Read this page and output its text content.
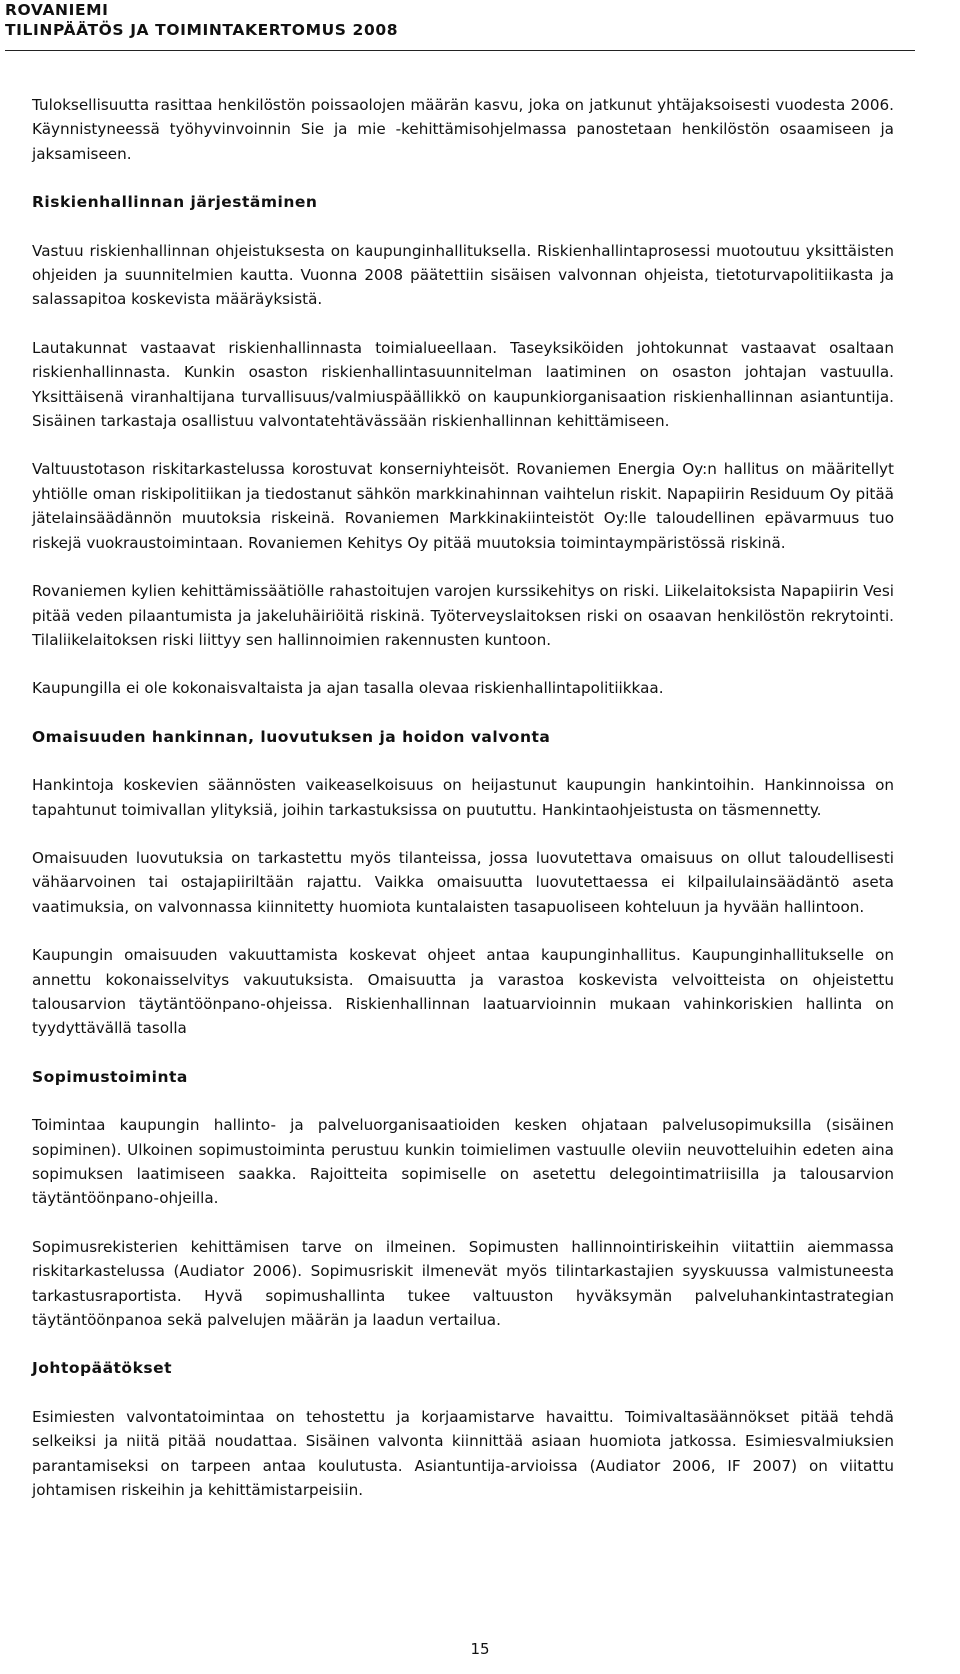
ROVANIEMI
TILINPÄÄTÖS JA TOIMINTAKERTOMUS 2008

Tuloksellisuutta rasittaa henkilöstön poissaolojen määrän kasvu, joka on jatkunut yhtäjaksoisesti vuodesta 2006. Käynnistyneessä työhyvinvoinnin Sie ja mie -kehittämisohjelmassa panostetaan henkilöstön osaamiseen ja jaksamiseen.

Riskienhallinnan järjestäminen

Vastuu riskienhallinnan ohjeistuksesta on kaupunginhallituksella. Riskienhallintaprosessi muotoutuu yksittäisten ohjeiden ja suunnitelmien kautta. Vuonna 2008 päätettiin sisäisen valvonnan ohjeista, tietoturvapolitiikasta ja salassapitoa koskevista määräyksistä.

Lautakunnat vastaavat riskienhallinnasta toimialueellaan. Taseyksiköiden johtokunnat vastaavat osaltaan riskienhallinnasta. Kunkin osaston riskienhallintasuunnitelman laatiminen on osaston johtajan vastuulla. Yksittäisenä viranhaltijana turvallisuus/valmiuspäällikkö on kaupunkiorganisaation riskienhallinnan asiantuntija. Sisäinen tarkastaja osallistuu valvontatehtävässään riskienhallinnan kehittämiseen.

Valtuustotason riskitarkastelussa korostuvat konserniyhteisöt. Rovaniemen Energia Oy:n hallitus on määritellyt yhtiölle oman riskipolitiikan ja tiedostanut sähkön markkinahinnan vaihtelun riskit. Napapiirin Residuum Oy pitää jätelainsäädännön muutoksia riskeinä. Rovaniemen Markkinakiinteistöt Oy:lle taloudellinen epävarmuus tuo riskejä vuokraustoimintaan. Rovaniemen Kehitys Oy pitää muutoksia toimintaympäristössä riskinä.

Rovaniemen kylien kehittämissäätiölle rahastoitujen varojen kurssikehitys on riski. Liikelaitoksista Napapiirin Vesi pitää veden pilaantumista ja jakeluhäiriöitä riskinä. Työterveyslaitoksen riski on osaavan henkilöstön rekrytointi. Tilaliikelaitoksen riski liittyy sen hallinnoimien rakennusten kuntoon.

Kaupungilla ei ole kokonaisvaltaista ja ajan tasalla olevaa riskienhallintapolitiikkaa.

Omaisuuden hankinnan, luovutuksen ja hoidon valvonta

Hankintoja koskevien säännösten vaikeaselkoisuus on heijastunut kaupungin hankintoihin. Hankinnoissa on tapahtunut toimivallan ylityksiä, joihin tarkastuksissa on puututtu. Hankintaohjeistusta on täsmennetty.

Omaisuuden luovutuksia on tarkastettu myös tilanteissa, jossa luovutettava omaisuus on ollut taloudellisesti vähäarvoinen tai ostajapiiriltään rajattu. Vaikka omaisuutta luovutettaessa ei kilpailulainsäädäntö aseta vaatimuksia, on valvonnassa kiinnitetty huomiota kuntalaisten tasapuoliseen kohteluun ja hyvään hallintoon.

Kaupungin omaisuuden vakuuttamista koskevat ohjeet antaa kaupunginhallitus. Kaupunginhallitukselle on annettu kokonaisselvitys vakuutuksista. Omaisuutta ja varastoa koskevista velvoitteista on ohjeistettu talousarvion täytäntöönpano-ohjeissa. Riskienhallinnan laatuarvioinnin mukaan vahinkoriskien hallinta on tyydyttävällä tasolla

Sopimustoiminta

Toimintaa kaupungin hallinto- ja palveluorganisaatioiden kesken ohjataan palvelusopimuksilla (sisäinen sopiminen). Ulkoinen sopimustoiminta perustuu kunkin toimielimen vastuulle oleviin neuvotteluihin edeten aina sopimuksen laatimiseen saakka. Rajoitteita sopimiselle on asetettu delegointimatriisilla ja talousarvion täytäntöönpano-ohjeilla.

Sopimusrekisterien kehittämisen tarve on ilmeinen. Sopimusten hallinnointiriskeihin viitattiin aiemmassa riskitarkastelussa (Audiator 2006). Sopimusriskit ilmenevät myös tilintarkastajien syyskuussa valmistuneesta tarkastusraportista. Hyvä sopimushallinta tukee valtuuston hyväksymän palveluhankintastrategian täytäntöönpanoa sekä palvelujen määrän ja laadun vertailua.

Johtopäätökset

Esimiesten valvontatoimintaa on tehostettu ja korjaamistarve havaittu. Toimivaltasäännökset pitää tehdä selkeiksi ja niitä pitää noudattaa. Sisäinen valvonta kiinnittää asiaan huomiota jatkossa. Esimiesvalmiuksien parantamiseksi on tarpeen antaa koulutusta. Asiantuntija-arvioissa (Audiator 2006, IF 2007) on viitattu johtamisen riskeihin ja kehittämistarpeisiin.

15
